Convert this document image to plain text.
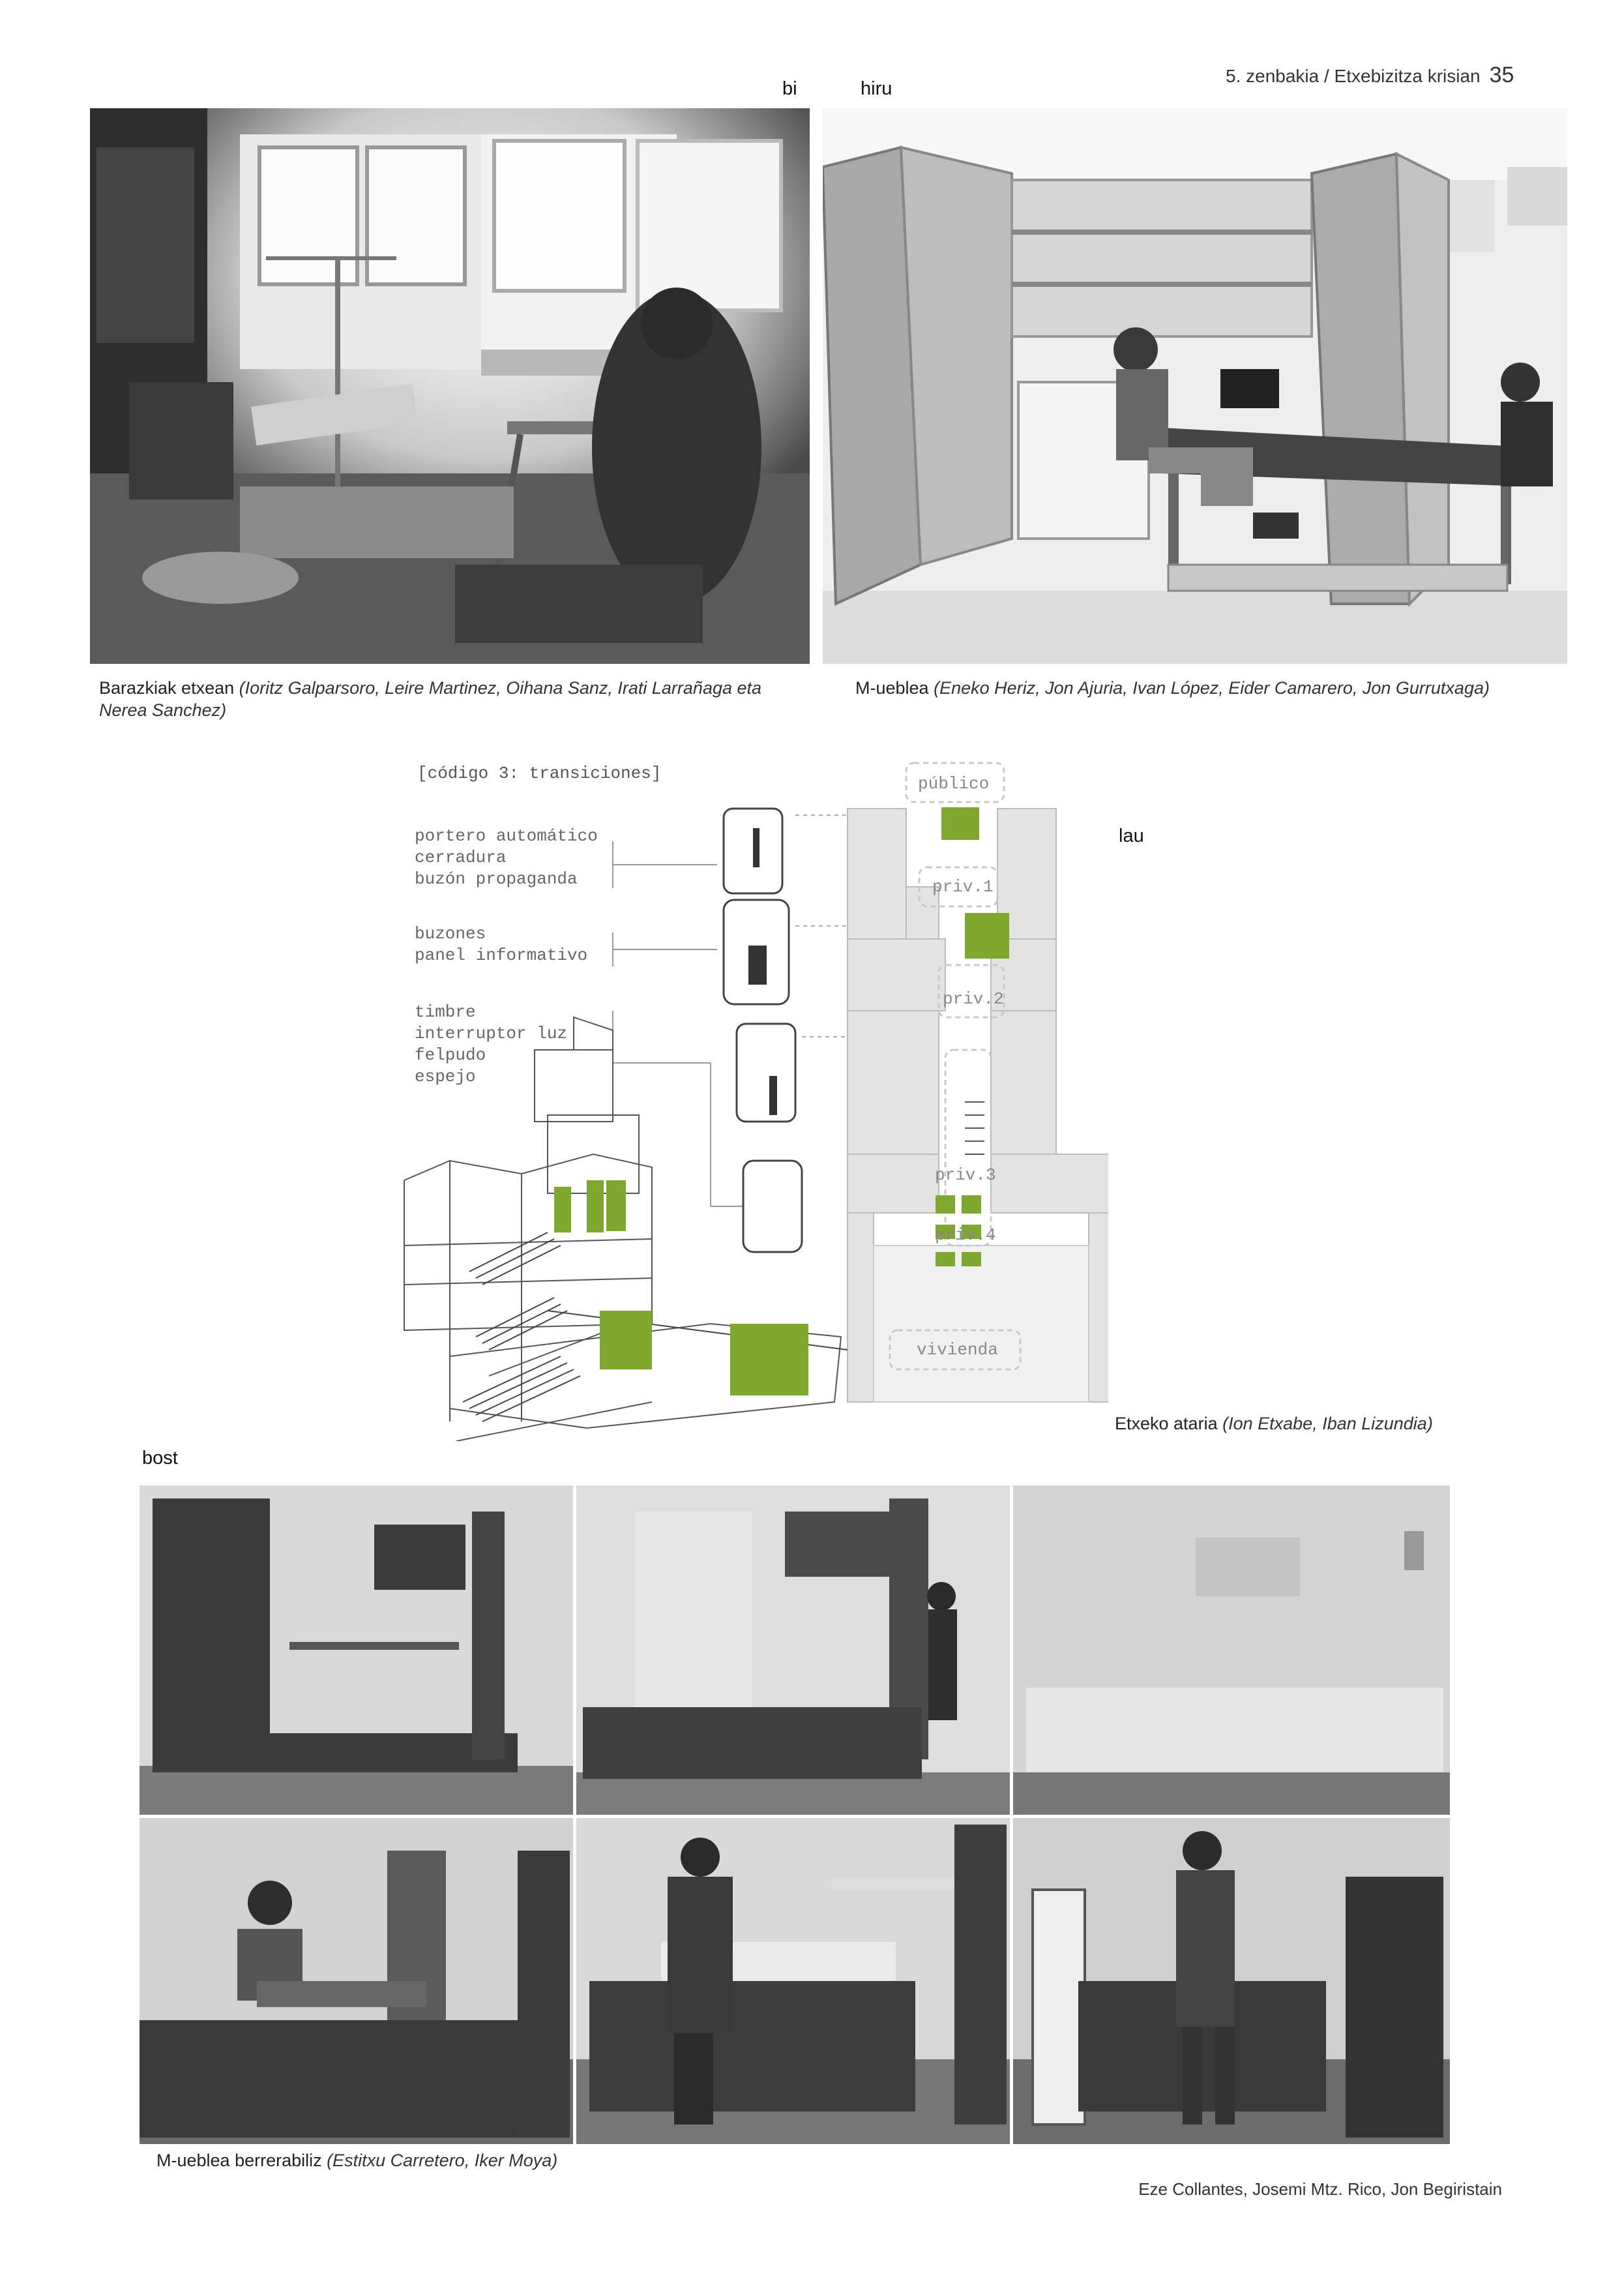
5. zenbakia / Etxebizitza krisian 35
bi	hiru
Barazkiak etxean (Ioritz Galparsoro, Leire Martinez, Oihana Sanz, Irati Larrañaga eta
Nerea Sanchez)
M-ueblea (Eneko Heriz, Jon Ajuria, Ivan López, Eider Camarero, Jon Gurrutxaga)
[código 3: transiciones]
portero automático
cerradura
buzón propaganda
buzones
panel informativo
timbre
interruptor luz
felpudo
espejo
público
priv.1
priv.2
priv.3
priv.4
vivienda
lau
Etxeko ataria (Ion Etxabe, Iban Lizundia)
bost
M-ueblea berrerabiliz (Estitxu Carretero, Iker Moya)
Eze Collantes, Josemi Mtz. Rico, Jon Begiristain
